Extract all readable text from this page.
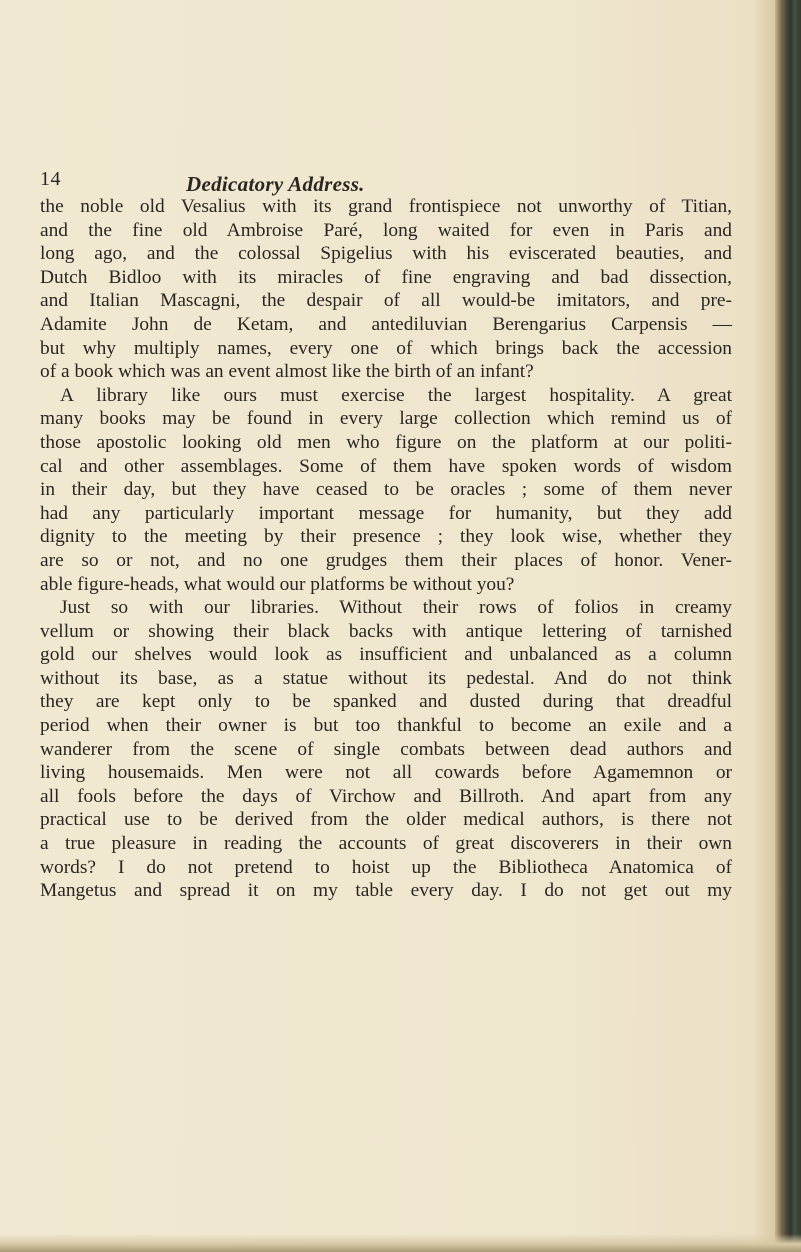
14	Dedicatory Address.
the noble old Vesalius with its grand frontispiece not unworthy of Titian,
and the fine old Ambroise Paré, long waited for even in Paris and
long ago, and the colossal Spigelius with his eviscerated beauties, and
Dutch Bidloo with its miracles of fine engraving and bad dissection,
and Italian Mascagni, the despair of all would-be imitators, and pre-
Adamite John de Ketam, and antediluvian Berengarius Carpensis —
but why multiply names, every one of which brings back the accession
of a book which was an event almost like the birth of an infant?
A library like ours must exercise the largest hospitality. A great
many books may be found in every large collection which remind us of
those apostolic looking old men who figure on the platform at our politi-
cal and other assemblages. Some of them have spoken words of wisdom
in their day, but they have ceased to be oracles ; some of them never
had any particularly important message for humanity, but they add
dignity to the meeting by their presence ; they look wise, whether they
are so or not, and no one grudges them their places of honor. Vener-
able figure-heads, what would our platforms be without you?
Just so with our libraries. Without their rows of folios in creamy
vellum or showing their black backs with antique lettering of tarnished
gold our shelves would look as insufficient and unbalanced as a column
without its base, as a statue without its pedestal. And do not think
they are kept only to be spanked and dusted during that dreadful
period when their owner is but too thankful to become an exile and a
wanderer from the scene of single combats between dead authors and
living housemaids. Men were not all cowards before Agamemnon or
all fools before the days of Virchow and Billroth. And apart from any
practical use to be derived from the older medical authors, is there not
a true pleasure in reading the accounts of great discoverers in their own
words? I do not pretend to hoist up the Bibliotheca Anatomica of
Mangetus and spread it on my table every day. I do not get out my
